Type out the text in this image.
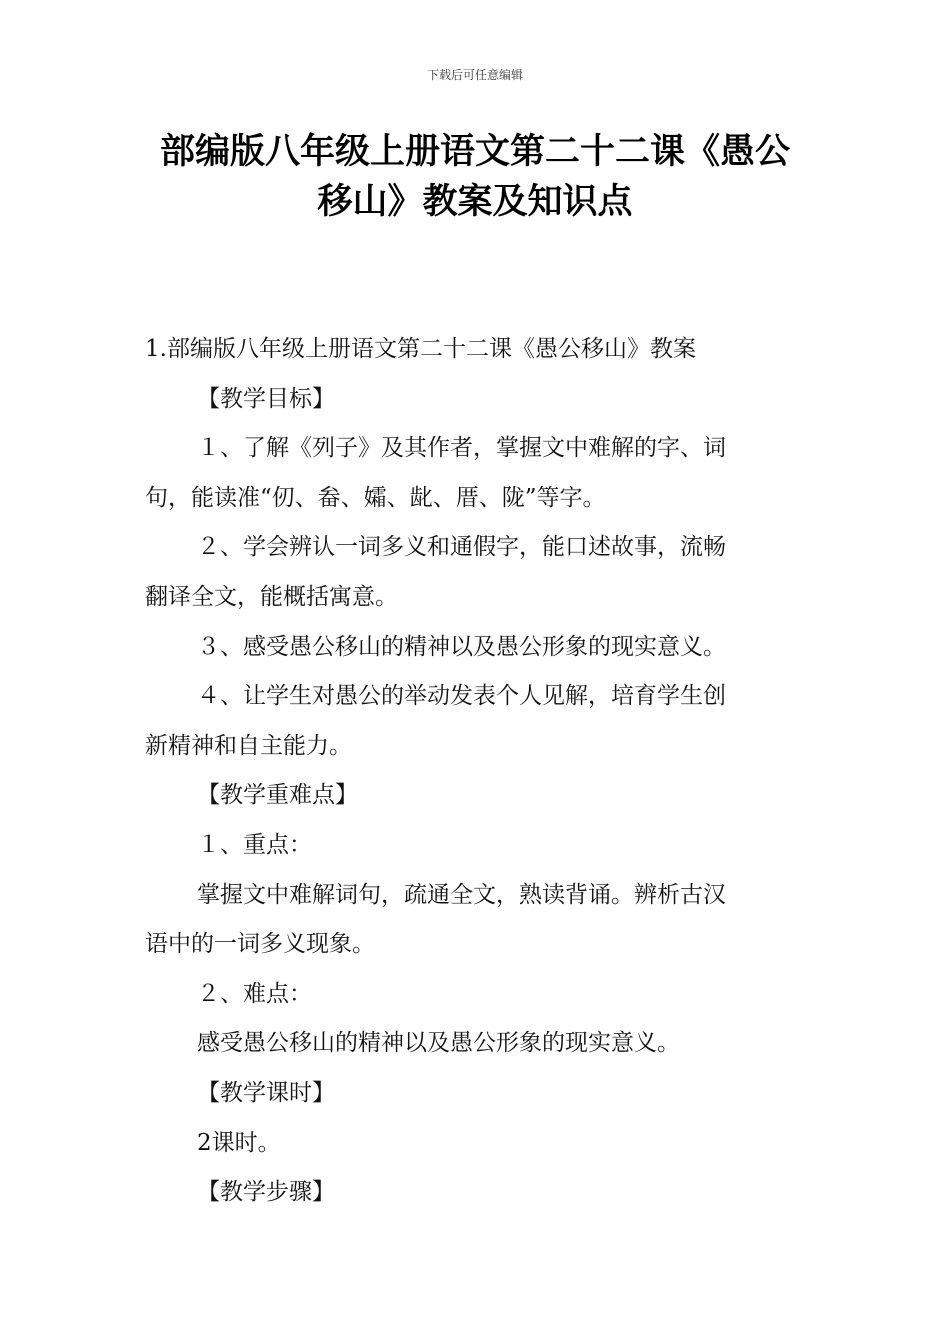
下载后可任意编辑
部编版八年级上册语文第二十二课《愚公
移山》教案及知识点

1.部编版八年级上册语文第二十二课《愚公移山》教案

【教学目标】

１、了解《列子》及其作者，掌握文中难解的字、词

句，能读准“仞、畚、孀、龀、厝、陇”等字。

２、学会辨认一词多义和通假字，能口述故事，流畅

翻译全文，能概括寓意。

３、感受愚公移山的精神以及愚公形象的现实意义。

４、让学生对愚公的举动发表个人见解，培育学生创

新精神和自主能力。

【教学重难点】

１、重点：

掌握文中难解词句，疏通全文，熟读背诵。辨析古汉

语中的一词多义现象。

２、难点：

感受愚公移山的精神以及愚公形象的现实意义。

【教学课时】

2课时。

【教学步骤】
